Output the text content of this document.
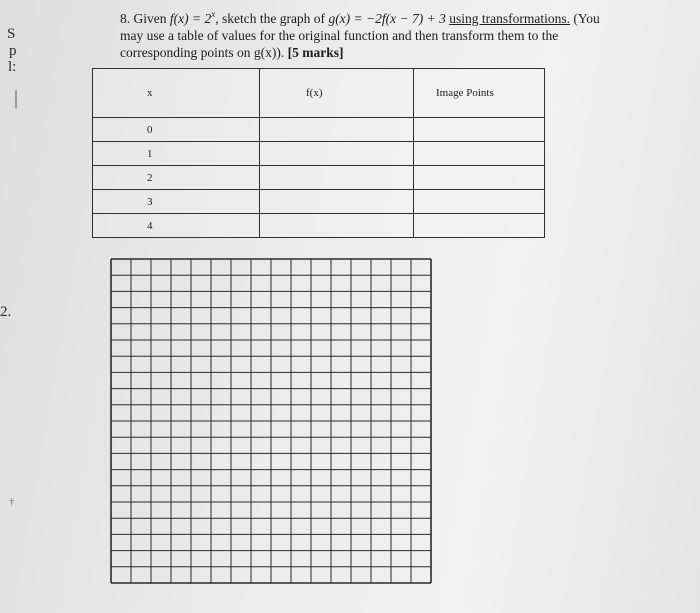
S
p
l:
|
2.
†
8. Given $f(x) = 2^x$, sketch the graph of g(x) = −2f(x − 7) + 3 using transformations. (You
may use a table of values for the original function and then transform them to the
corresponding points on g(x)). [5 marks]
x	f(x)	Image Points
0		
1		
2		
3		
4		
